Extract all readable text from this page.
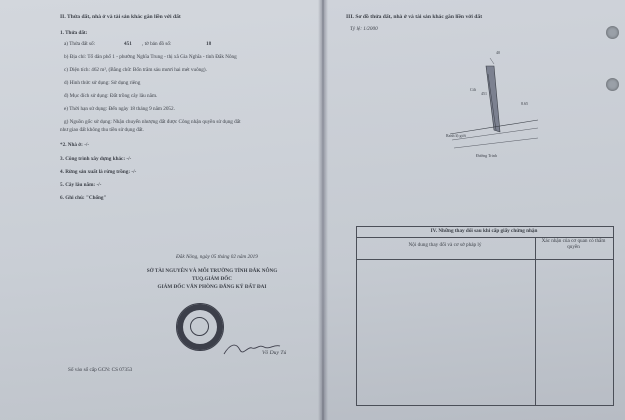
II. Thửa đất, nhà ở và tài sản khác gắn liền với đất
1. Thửa đất:
a) Thửa đất số:	451 , tờ bản đồ số:	18
b) Địa chỉ: Tổ dân phố 1 - phường Nghĩa Trung - thị xã Gia Nghĩa - tỉnh Đắk Nông
c) Diện tích: 462 m², (Bằng chữ: Bốn trăm sáu mươi hai mét vuông).
d) Hình thức sử dụng: Sử dụng riêng
đ) Mục đích sử dụng: Đất trồng cây lâu năm.
e) Thời hạn sử dụng: Đến ngày 18 tháng 9 năm 2052.
g) Nguồn gốc sử dụng: Nhận chuyển nhượng đất được Công nhận quyền sử dụng đất
như giao đất không thu tiền sử dụng đất.
*2. Nhà ở: -/-
3. Công trình xây dựng khác: -/-
4. Rừng sản xuất là rừng trồng: -/-
5. Cây lâu năm: -/-
6. Ghi chú: "Chống"
Đắk Nông, ngày 05 tháng 02 năm 2019
SỞ TÀI NGUYÊN VÀ MÔI TRƯỜNG TỈNH ĐẮK NÔNG
TUQ.GIÁM ĐỐC
GIÁM ĐỐC VĂN PHÒNG ĐĂNG KÝ ĐẤT ĐAI
Võ Duy Tú
Số vào sổ cấp GCN: CS 07353
III. Sơ đồ thửa đất, nhà ở và tài sản khác gắn liền với đất
Tỷ lệ: 1/2000
40
Ctlt
451
8.65
Ranh lộ giới
Đường Trinh
IV. Những thay đổi sau khi cấp giấy chứng nhận
Nội dung thay đổi và cơ sở pháp lý
Xác nhận của cơ quan có thẩm quyền
